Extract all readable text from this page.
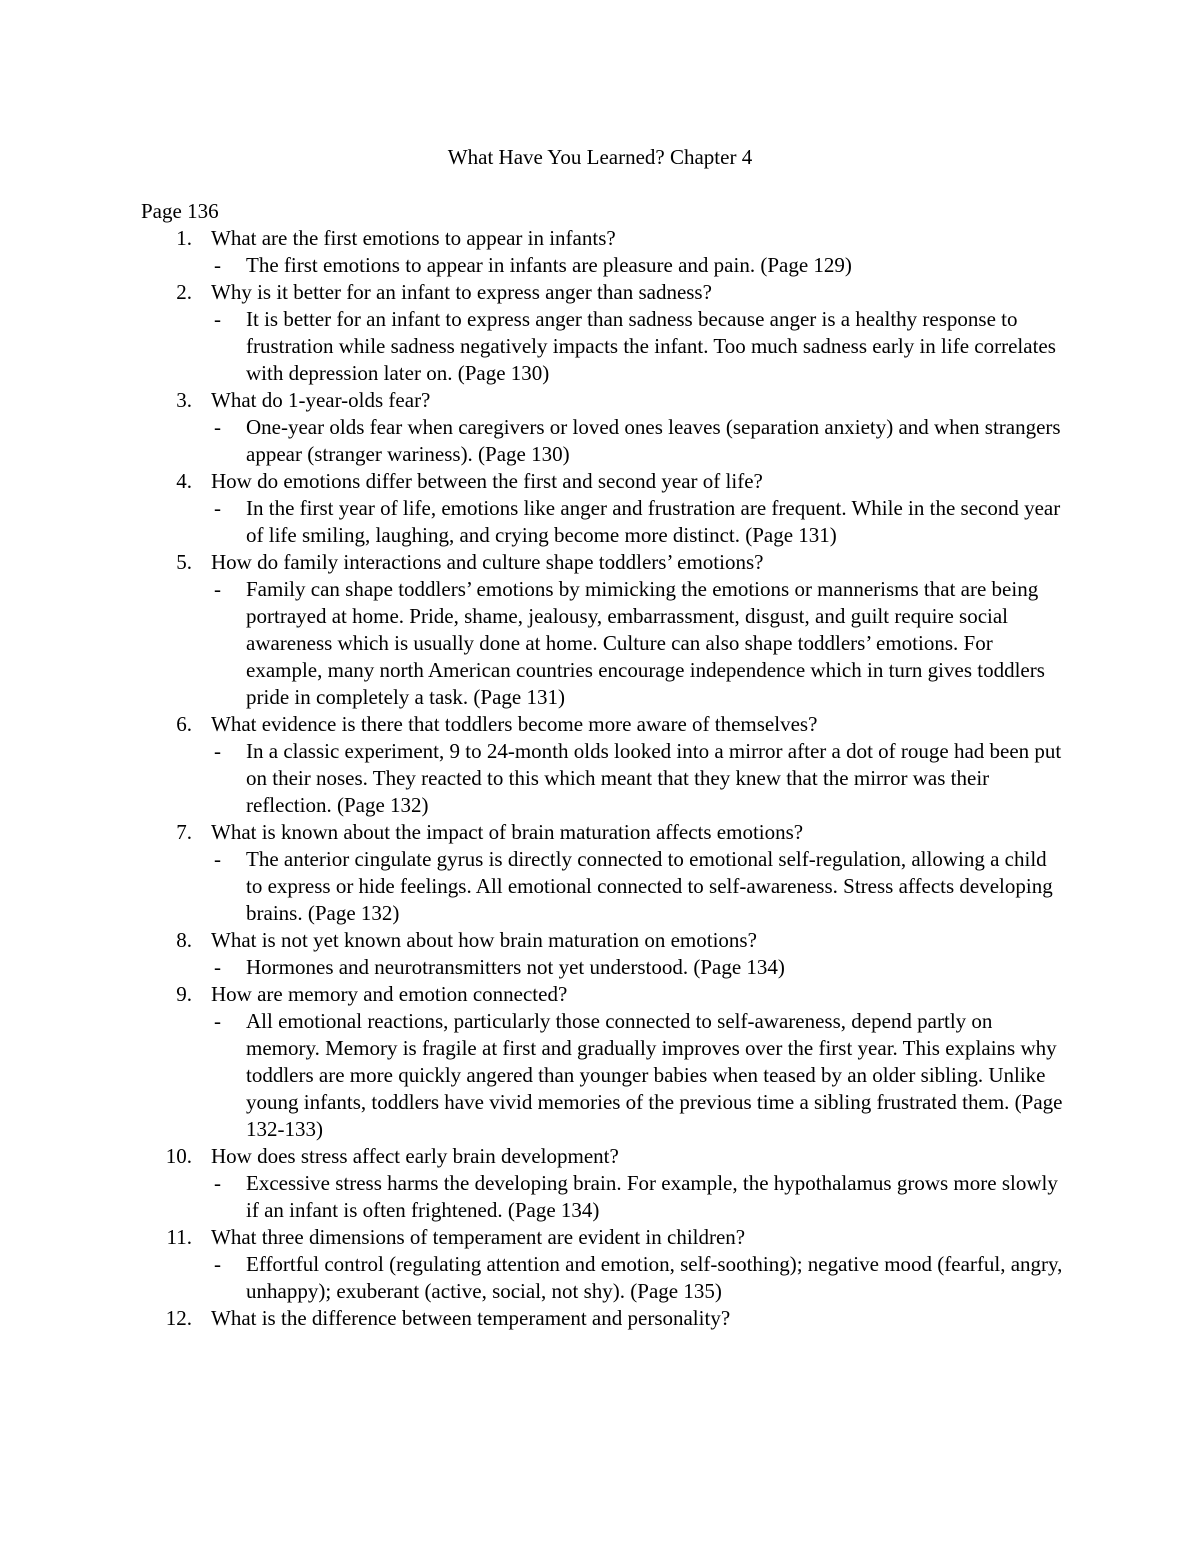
What Have You Learned? Chapter 4
Page 136
1. What are the first emotions to appear in infants?
- The first emotions to appear in infants are pleasure and pain. (Page 129)
2. Why is it better for an infant to express anger than sadness?
- It is better for an infant to express anger than sadness because anger is a healthy response to frustration while sadness negatively impacts the infant. Too much sadness early in life correlates with depression later on. (Page 130)
3. What do 1-year-olds fear?
- One-year olds fear when caregivers or loved ones leaves (separation anxiety) and when strangers appear (stranger wariness). (Page 130)
4. How do emotions differ between the first and second year of life?
- In the first year of life, emotions like anger and frustration are frequent. While in the second year of life smiling, laughing, and crying become more distinct. (Page 131)
5. How do family interactions and culture shape toddlers’ emotions?
- Family can shape toddlers’ emotions by mimicking the emotions or mannerisms that are being portrayed at home. Pride, shame, jealousy, embarrassment, disgust, and guilt require social awareness which is usually done at home. Culture can also shape toddlers’ emotions. For example, many north American countries encourage independence which in turn gives toddlers pride in completely a task. (Page 131)
6. What evidence is there that toddlers become more aware of themselves?
- In a classic experiment, 9 to 24-month olds looked into a mirror after a dot of rouge had been put on their noses. They reacted to this which meant that they knew that the mirror was their reflection. (Page 132)
7. What is known about the impact of brain maturation affects emotions?
- The anterior cingulate gyrus is directly connected to emotional self-regulation, allowing a child to express or hide feelings. All emotional connected to self-awareness. Stress affects developing brains. (Page 132)
8. What is not yet known about how brain maturation on emotions?
- Hormones and neurotransmitters not yet understood. (Page 134)
9. How are memory and emotion connected?
- All emotional reactions, particularly those connected to self-awareness, depend partly on memory. Memory is fragile at first and gradually improves over the first year. This explains why toddlers are more quickly angered than younger babies when teased by an older sibling. Unlike young infants, toddlers have vivid memories of the previous time a sibling frustrated them. (Page 132-133)
10. How does stress affect early brain development?
- Excessive stress harms the developing brain. For example, the hypothalamus grows more slowly if an infant is often frightened. (Page 134)
11. What three dimensions of temperament are evident in children?
- Effortful control (regulating attention and emotion, self-soothing); negative mood (fearful, angry, unhappy); exuberant (active, social, not shy). (Page 135)
12. What is the difference between temperament and personality?
